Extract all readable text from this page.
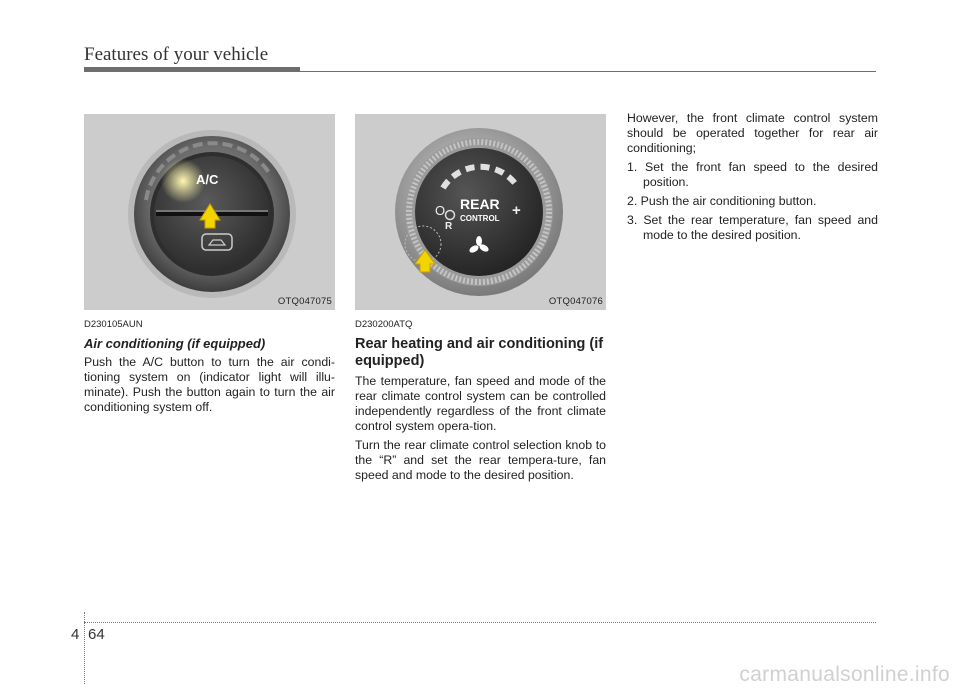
Features of your vehicle
A/C
OTQ047075
D230105AUN
Air conditioning (if equipped)

Push the A/C button to turn the air condi-tioning system on (indicator light will illu-minate). Push the button again to turn the air conditioning system off.

REAR
CONTROL
O
R
+
OTQ047076
D230200ATQ
Rear heating and air conditioning (if equipped)

The temperature, fan speed and mode of the rear climate control system can be controlled independently regardless of the front climate control system opera-tion.

Turn the rear climate control selection knob to the “R” and set the rear tempera-ture, fan speed and mode to the desired position.

However, the front climate control system should be operated together for rear air conditioning;

1. Set the front fan speed to the desired position.
2. Push the air conditioning button.
3. Set the rear temperature, fan speed and mode to the desired position.
4 64
carmanualsonline.info
